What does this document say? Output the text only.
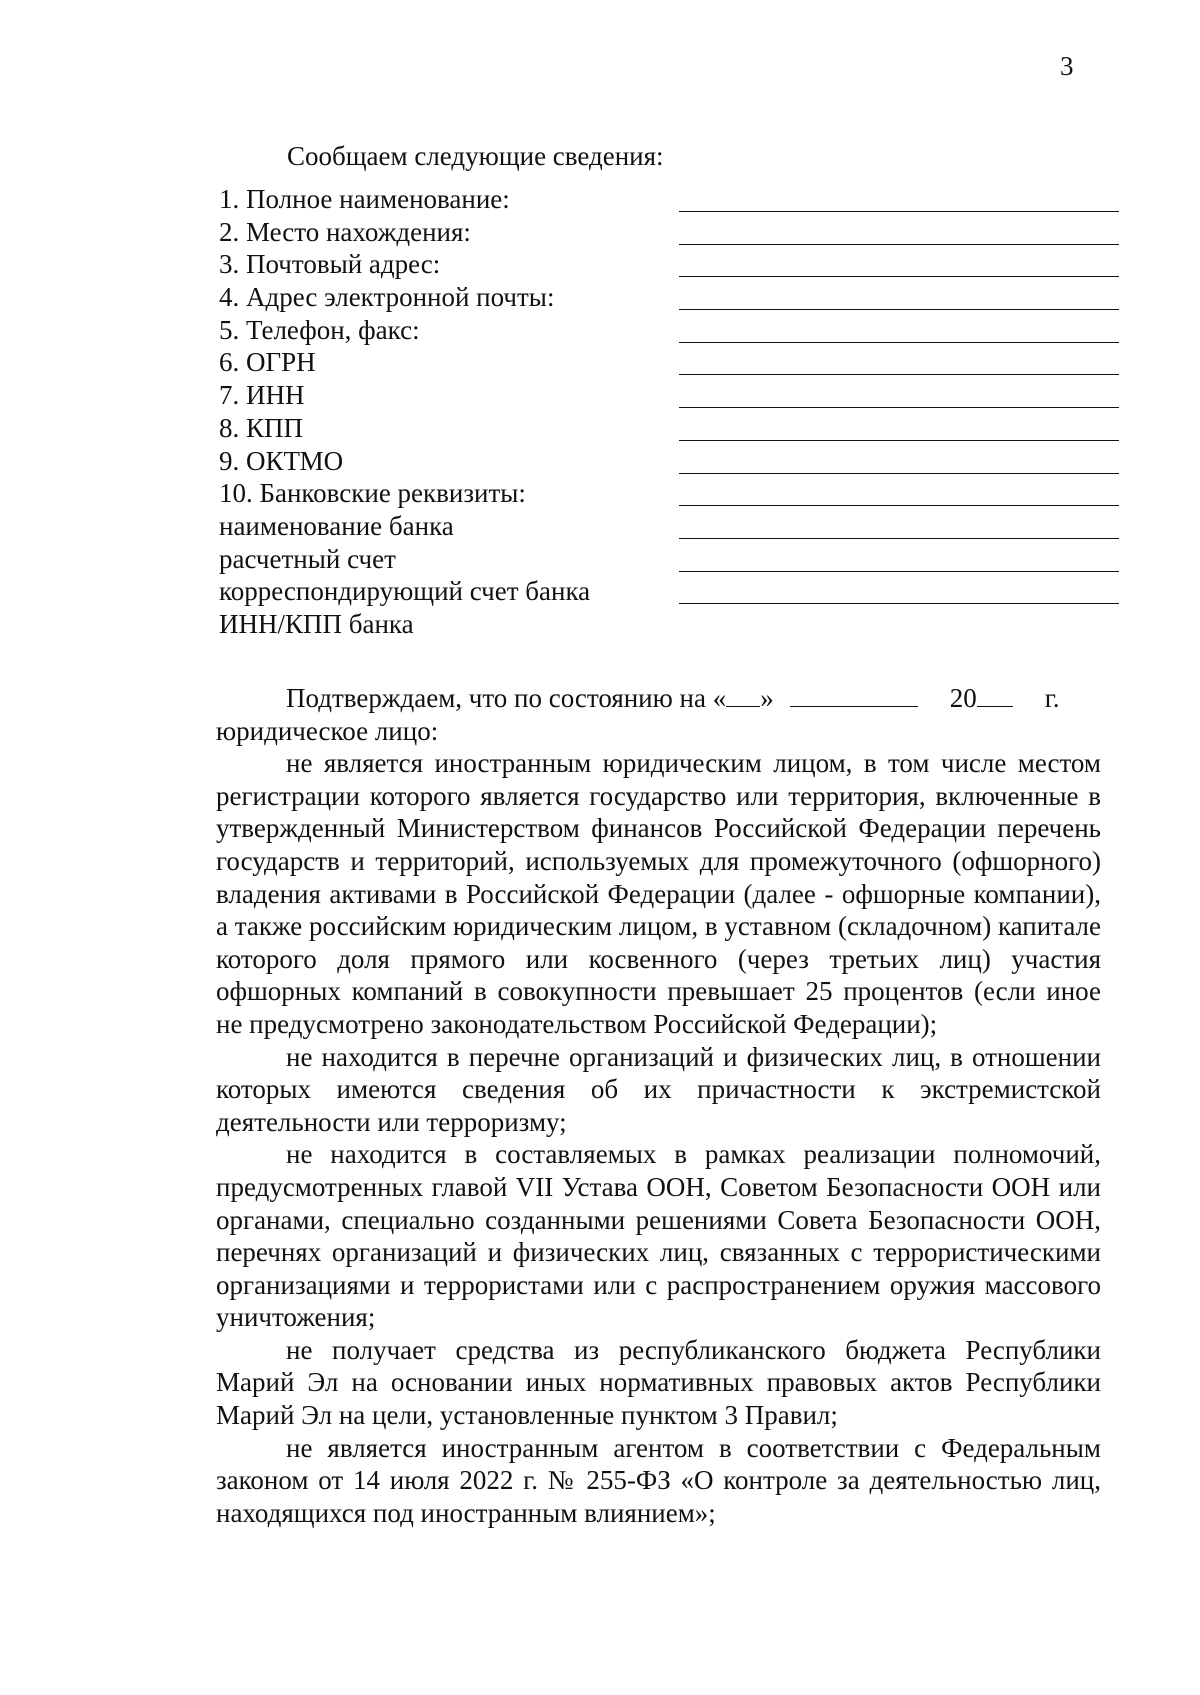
3
Сообщаем следующие сведения:
1. Полное наименование:
2. Место нахождения:
3. Почтовый адрес:
4. Адрес электронной почты:
5. Телефон, факс:
6. ОГРН
7. ИНН
8. КПП
9. ОКТМО
10. Банковские реквизиты:
наименование банка
расчетный счет
корреспондирующий счет банка
ИНН/КПП банка

Подтверждаем, что по состоянию на « »	20	г.

юридическое лицо:

не является иностранным юридическим лицом, в том числе местом регистрации которого является государство или территория, включенные в утвержденный Министерством финансов Российской Федерации перечень государств и территорий, используемых для промежуточного (офшорного) владения активами в Российской Федерации (далее - офшорные компании), а также российским юридическим лицом, в уставном (складочном) капитале которого доля прямого или косвенного (через третьих лиц) участия офшорных компаний в совокупности превышает 25 процентов (если иное не предусмотрено законодательством Российской Федерации);

не находится в перечне организаций и физических лиц, в отношении которых имеются сведения об их причастности к экстремистской деятельности или терроризму;

не находится в составляемых в рамках реализации полномочий, предусмотренных главой VII Устава ООН, Советом Безопасности ООН или органами, специально созданными решениями Совета Безопасности ООН, перечнях организаций и физических лиц, связанных с террористическими организациями и террористами или с распространением оружия массового уничтожения;

не получает средства из республиканского бюджета Республики Марий Эл на основании иных нормативных правовых актов Республики Марий Эл на цели, установленные пунктом 3 Правил;

не является иностранным агентом в соответствии с Федеральным законом от 14 июля 2022 г. № 255-ФЗ «О контроле за деятельностью лиц, находящихся под иностранным влиянием»;
